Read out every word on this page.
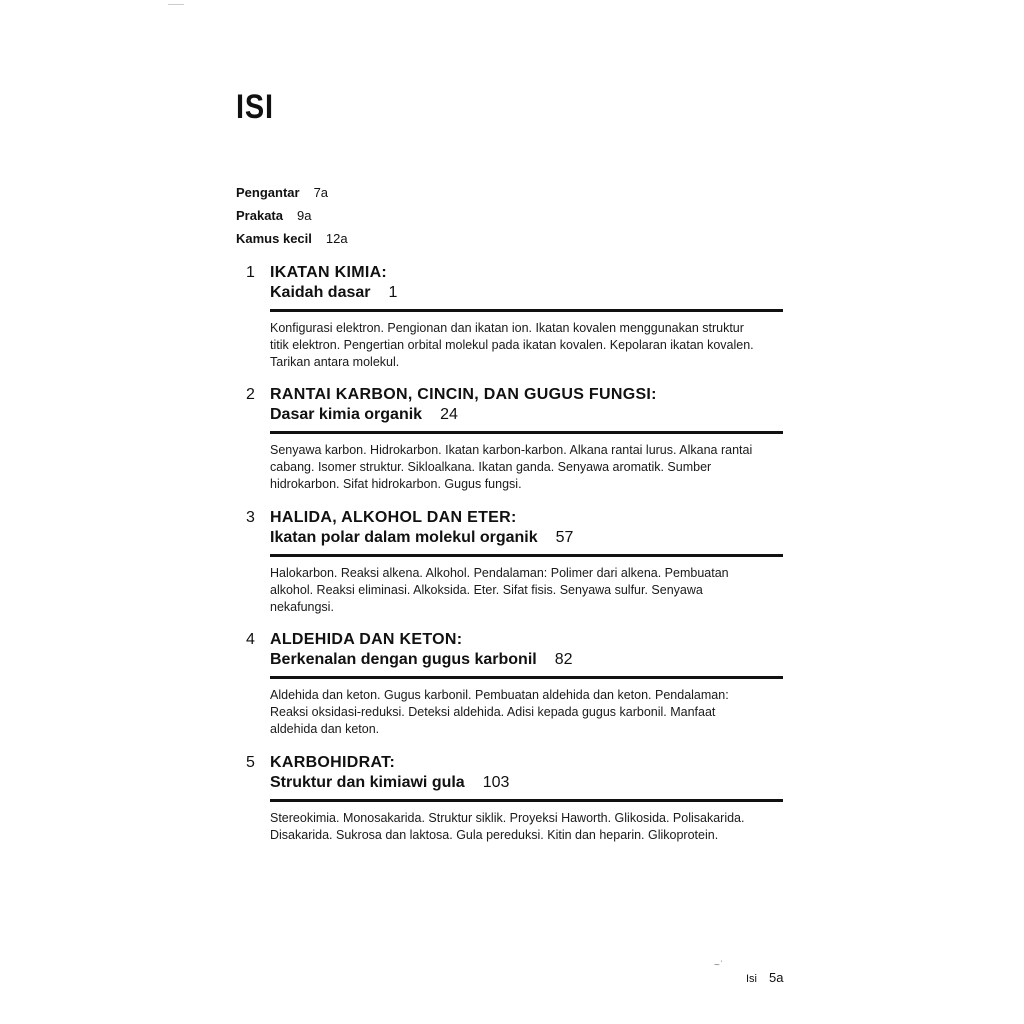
ISI
Pengantar 7a
Prakata 9a
Kamus kecil 12a
1 IKATAN KIMIA:
Kaidah dasar 1
Konfigurasi elektron. Pengionan dan ikatan ion. Ikatan kovalen menggunakan struktur titik elektron. Pengertian orbital molekul pada ikatan kovalen. Kepolaran ikatan kovalen. Tarikan antara molekul.
2 RANTAI KARBON, CINCIN, DAN GUGUS FUNGSI:
Dasar kimia organik 24
Senyawa karbon. Hidrokarbon. Ikatan karbon-karbon. Alkana rantai lurus. Alkana rantai cabang. Isomer struktur. Sikloalkana. Ikatan ganda. Senyawa aromatik. Sumber hidrokarbon. Sifat hidrokarbon. Gugus fungsi.
3 HALIDA, ALKOHOL DAN ETER:
Ikatan polar dalam molekul organik 57
Halokarbon. Reaksi alkena. Alkohol. Pendalaman: Polimer dari alkena. Pembuatan alkohol. Reaksi eliminasi. Alkoksida. Eter. Sifat fisis. Senyawa sulfur. Senyawa nekafungsi.
4 ALDEHIDA DAN KETON:
Berkenalan dengan gugus karbonil 82
Aldehida dan keton. Gugus karbonil. Pembuatan aldehida dan keton. Pendalaman: Reaksi oksidasi-reduksi. Deteksi aldehida. Adisi kepada gugus karbonil. Manfaat aldehida dan keton.
5 KARBOHIDRAT:
Struktur dan kimiawi gula 103
Stereokimia. Monosakarida. Struktur siklik. Proyeksi Haworth. Glikosida. Polisakarida. Disakarida. Sukrosa dan laktosa. Gula pereduksi. Kitin dan heparin. Glikoprotein.
~ˈ
Isi 5a
